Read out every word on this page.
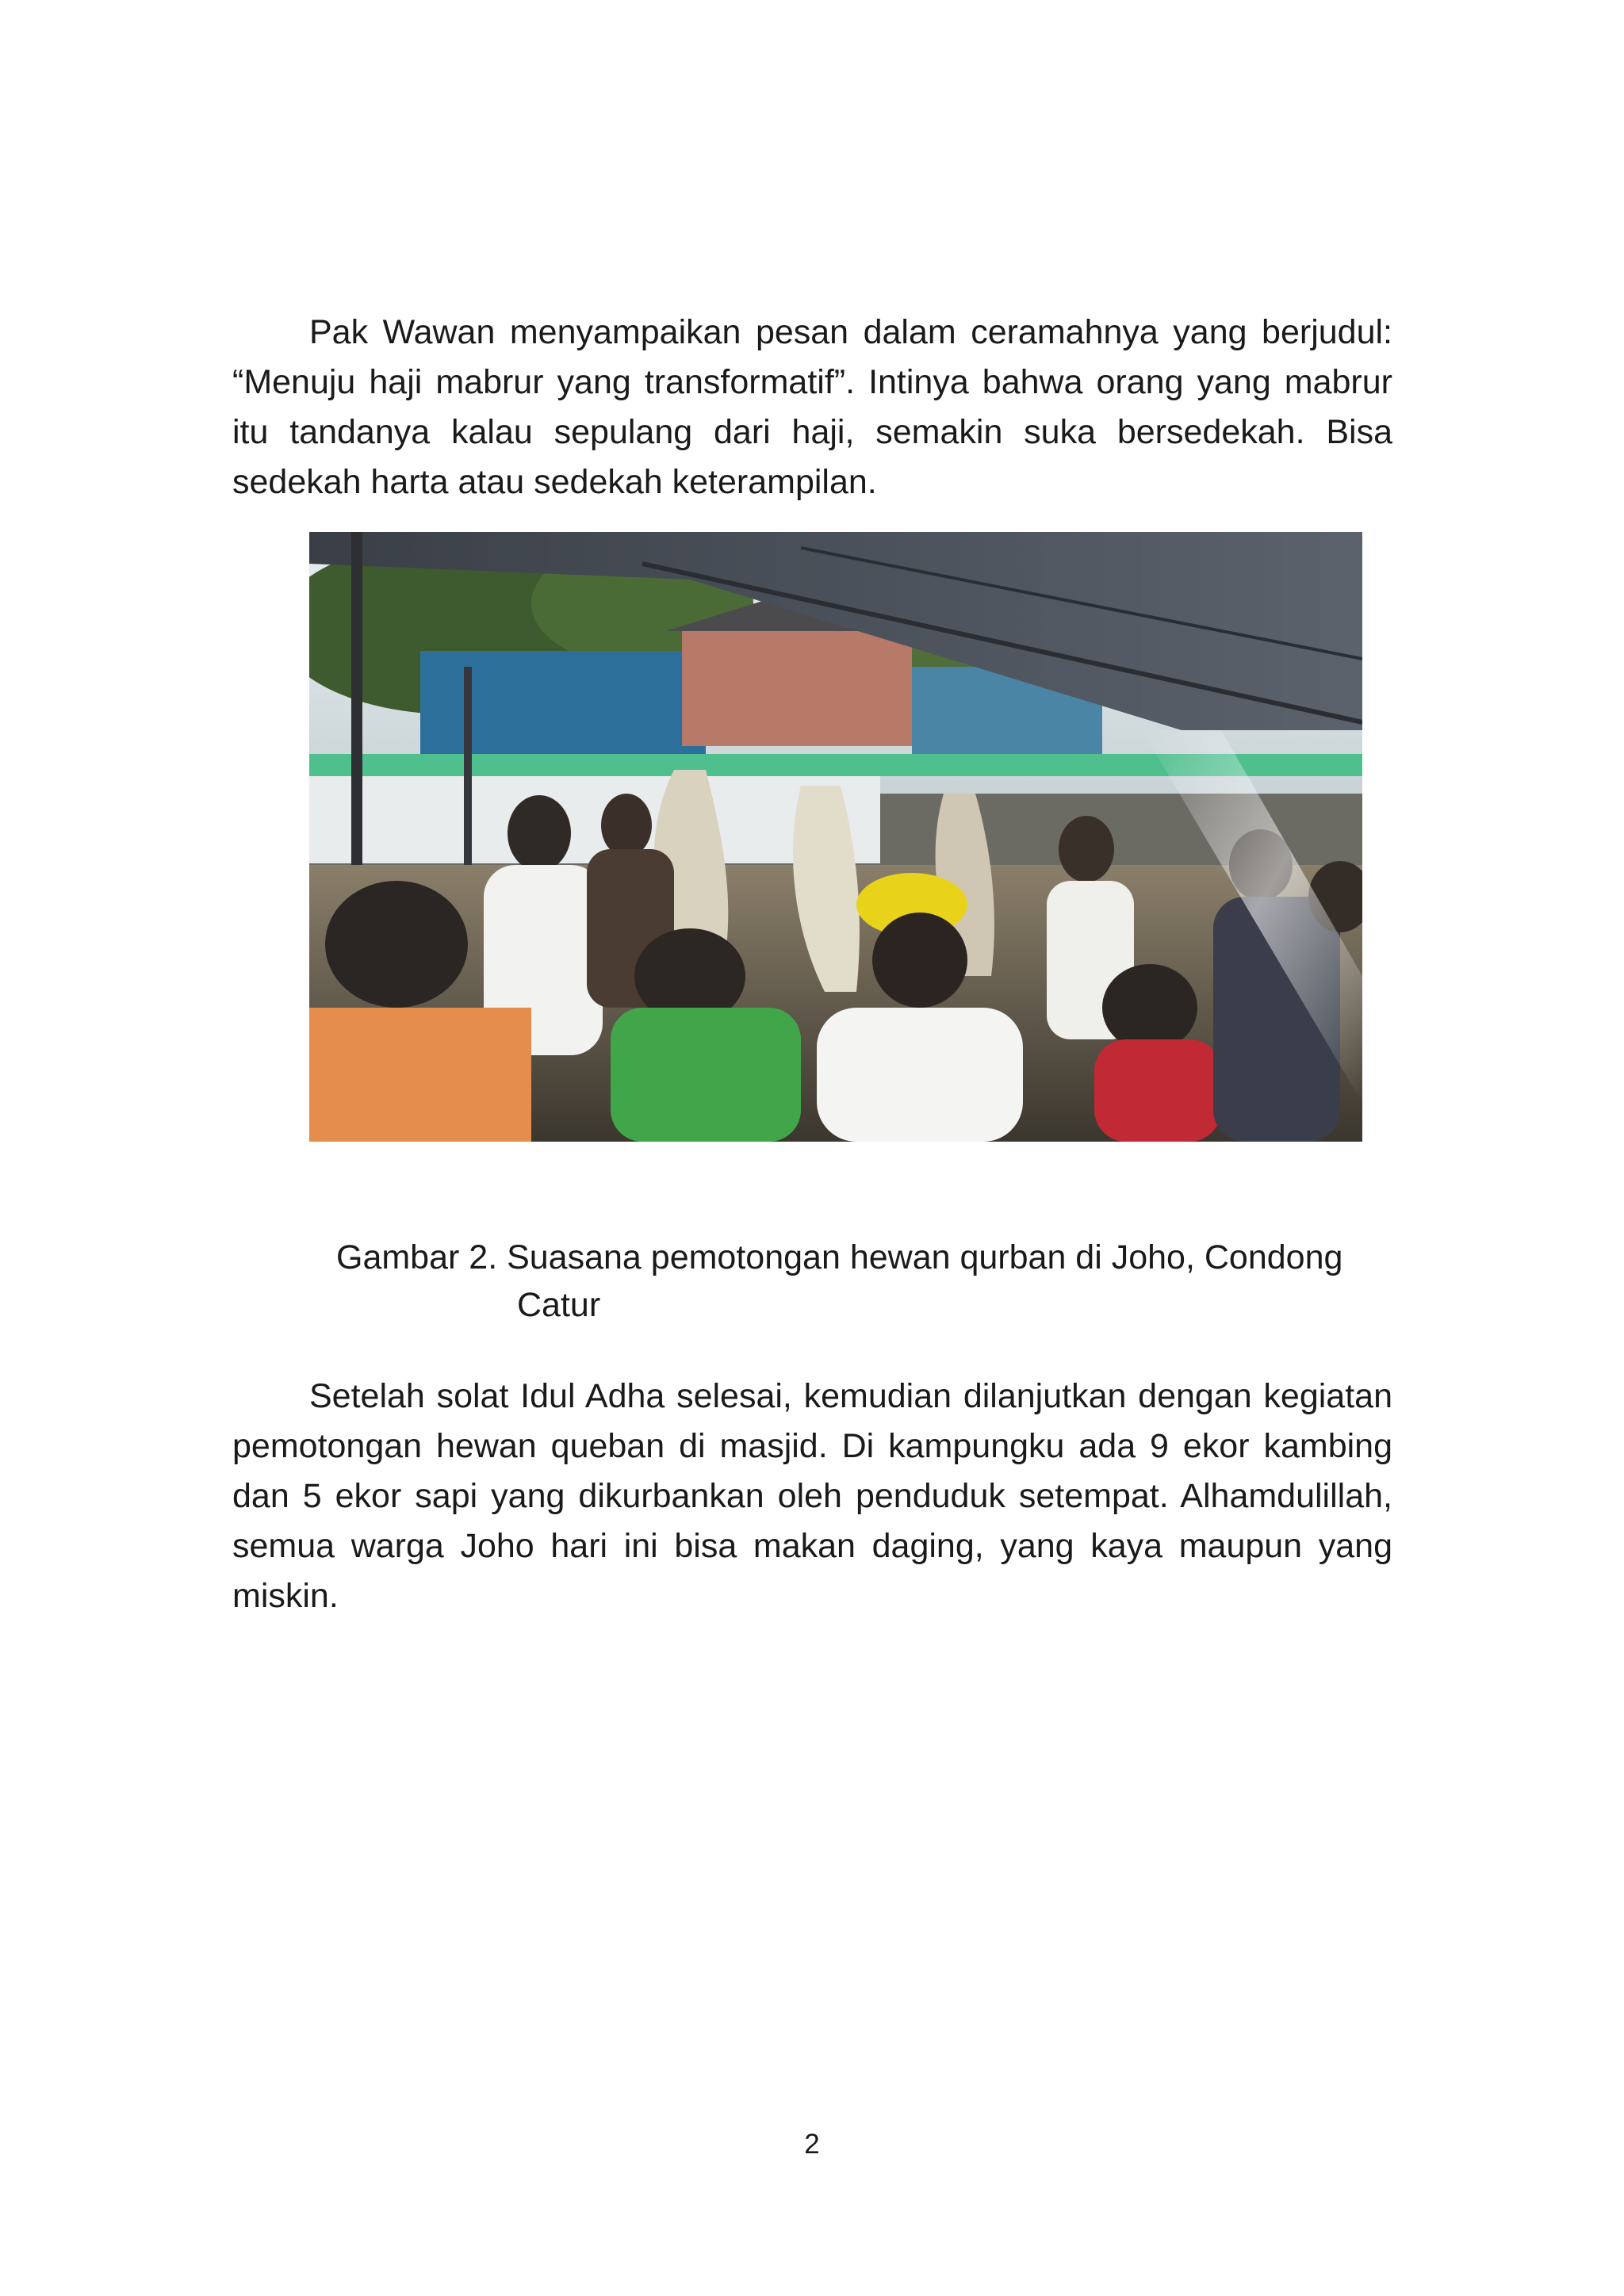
Pak Wawan menyampaikan pesan dalam ceramahnya yang berjudul: “Menuju haji mabrur yang transformatif”. Intinya bahwa orang yang mabrur itu tandanya kalau sepulang dari haji, semakin suka bersedekah. Bisa sedekah harta atau sedekah keterampilan.

Gambar 2. Suasana pemotongan hewan qurban di Joho, Condong
Catur

Setelah solat Idul Adha selesai, kemudian dilanjutkan dengan kegiatan pemotongan hewan queban di masjid. Di kampungku ada 9 ekor kambing dan 5 ekor sapi yang dikurbankan oleh penduduk setempat. Alhamdulillah, semua warga Joho hari ini bisa makan daging, yang kaya maupun yang miskin.

2
